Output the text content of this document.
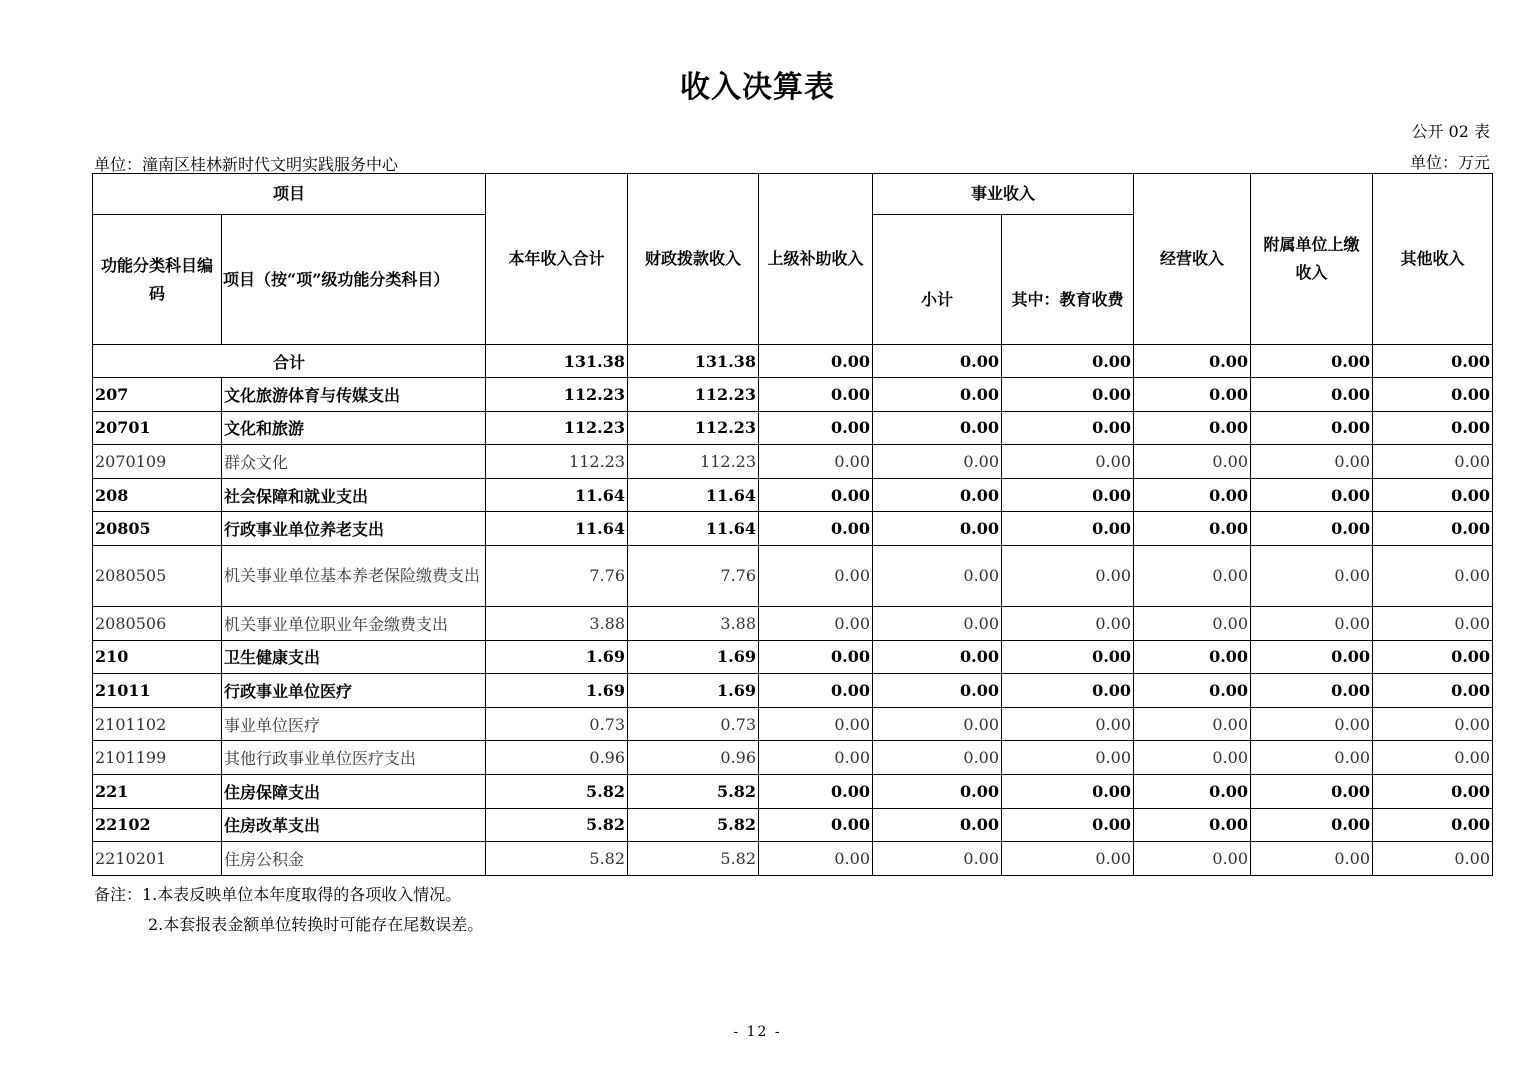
收入决算表
公开 02 表
单位：潼南区桂林新时代文明实践服务中心	单位：万元
项目		本年收入合计	财政拨款收入	上级补助收入	事业收入		经营收入	附属单位上缴收入	其他收入
功能分类科目编码	项目（按“项”级功能分类科目）				小计	其中：教育收费			
合计		131.38	131.38	0.00	0.00	0.00	0.00	0.00	0.00
207	文化旅游体育与传媒支出	112.23	112.23	0.00	0.00	0.00	0.00	0.00	0.00
20701	文化和旅游	112.23	112.23	0.00	0.00	0.00	0.00	0.00	0.00
2070109	群众文化	112.23	112.23	0.00	0.00	0.00	0.00	0.00	0.00
208	社会保障和就业支出	11.64	11.64	0.00	0.00	0.00	0.00	0.00	0.00
20805	行政事业单位养老支出	11.64	11.64	0.00	0.00	0.00	0.00	0.00	0.00
2080505	机关事业单位基本养老保险缴费支出	7.76	7.76	0.00	0.00	0.00	0.00	0.00	0.00
2080506	机关事业单位职业年金缴费支出	3.88	3.88	0.00	0.00	0.00	0.00	0.00	0.00
210	卫生健康支出	1.69	1.69	0.00	0.00	0.00	0.00	0.00	0.00
21011	行政事业单位医疗	1.69	1.69	0.00	0.00	0.00	0.00	0.00	0.00
2101102	事业单位医疗	0.73	0.73	0.00	0.00	0.00	0.00	0.00	0.00
2101199	其他行政事业单位医疗支出	0.96	0.96	0.00	0.00	0.00	0.00	0.00	0.00
221	住房保障支出	5.82	5.82	0.00	0.00	0.00	0.00	0.00	0.00
22102	住房改革支出	5.82	5.82	0.00	0.00	0.00	0.00	0.00	0.00
2210201	住房公积金	5.82	5.82	0.00	0.00	0.00	0.00	0.00	0.00
备注：1.本表反映单位本年度取得的各项收入情况。
2.本套报表金额单位转换时可能存在尾数误差。
- 12 -
